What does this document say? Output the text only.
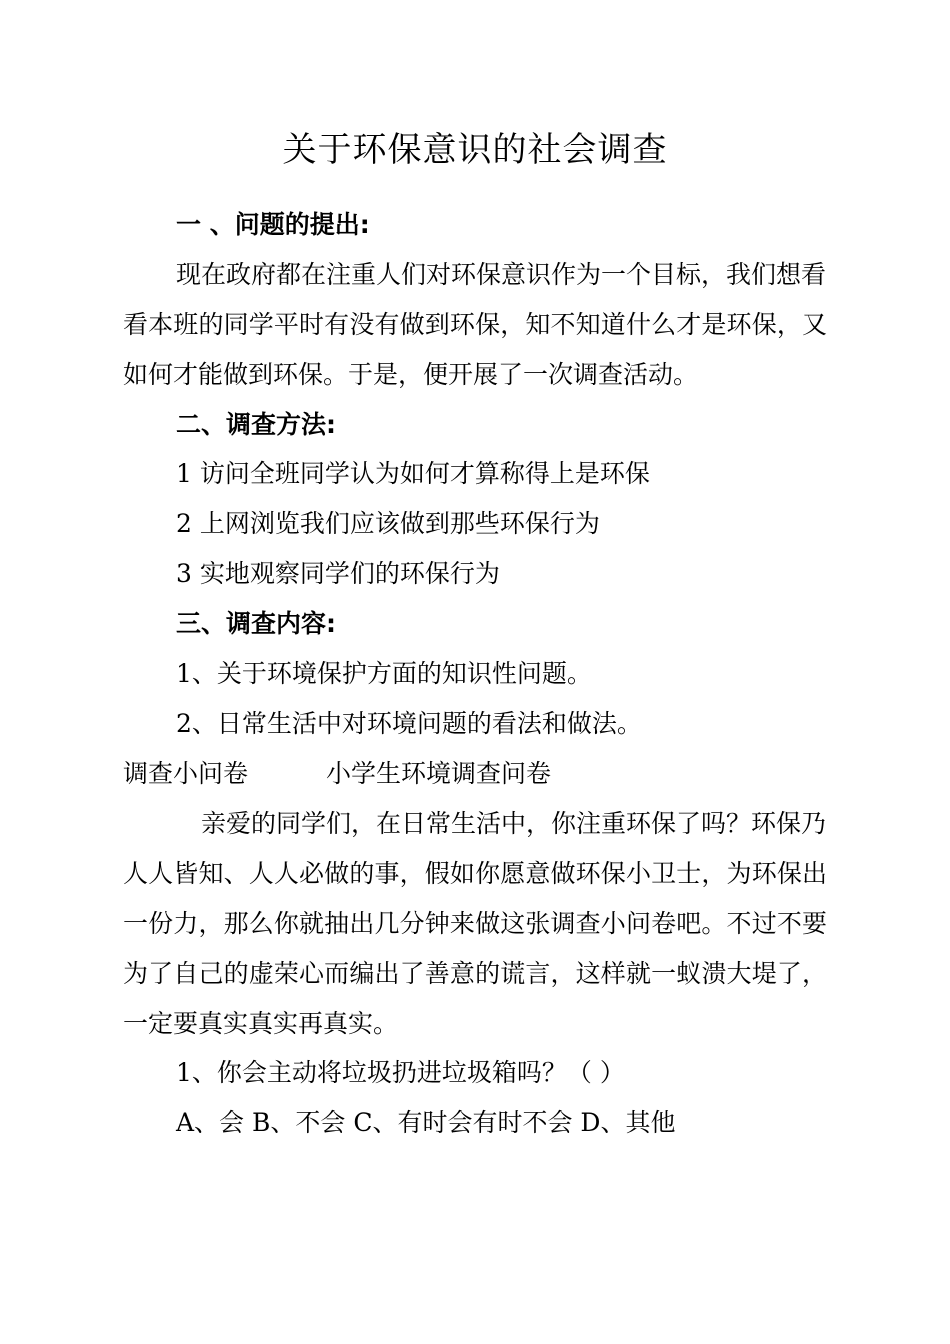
关于环保意识的社会调查
一 、问题的提出:
现在政府都在注重人们对环保意识作为一个目标，我们想看
看本班的同学平时有没有做到环保，知不知道什么才是环保，又
如何才能做到环保。于是，便开展了一次调查活动。
二、调查方法:
1 访问全班同学认为如何才算称得上是环保
2 上网浏览我们应该做到那些环保行为
3 实地观察同学们的环保行为
三、调查内容:
1、关于环境保护方面的知识性问题。
2、日常生活中对环境问题的看法和做法。
调查小问卷	小学生环境调查问卷
亲爱的同学们，在日常生活中，你注重环保了吗？环保乃
人人皆知、人人必做的事，假如你愿意做环保小卫士，为环保出
一份力，那么你就抽出几分钟来做这张调查小问卷吧。不过不要
为了自己的虚荣心而编出了善意的谎言，这样就一蚁溃大堤了，
一定要真实真实再真实。
1、你会主动将垃圾扔进垃圾箱吗？（ ）
A、会 B、不会 C、有时会有时不会 D、其他
